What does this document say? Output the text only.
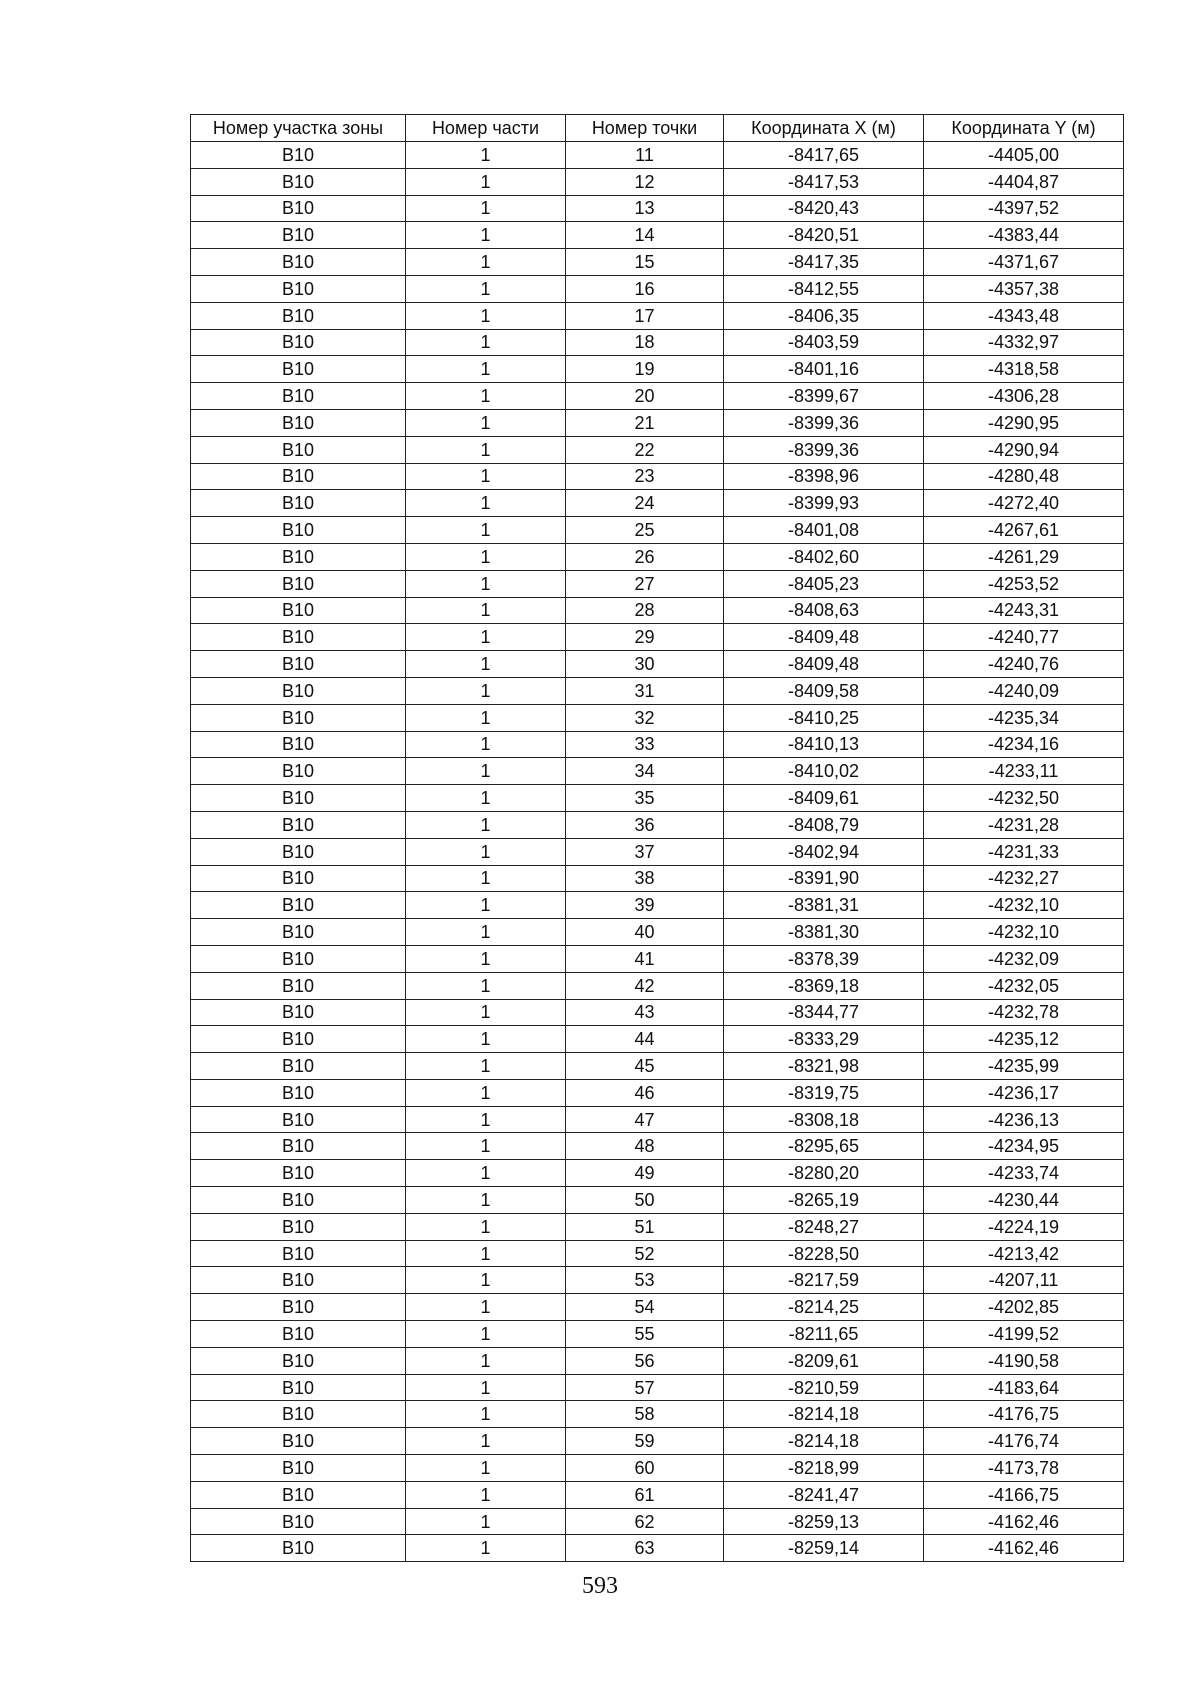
Номер участка зоны	Номер части	Номер точки	Координата X (м)	Координата Y (м)
B10	1	11	-8417,65	-4405,00
B10	1	12	-8417,53	-4404,87
B10	1	13	-8420,43	-4397,52
B10	1	14	-8420,51	-4383,44
B10	1	15	-8417,35	-4371,67
B10	1	16	-8412,55	-4357,38
B10	1	17	-8406,35	-4343,48
B10	1	18	-8403,59	-4332,97
B10	1	19	-8401,16	-4318,58
B10	1	20	-8399,67	-4306,28
B10	1	21	-8399,36	-4290,95
B10	1	22	-8399,36	-4290,94
B10	1	23	-8398,96	-4280,48
B10	1	24	-8399,93	-4272,40
B10	1	25	-8401,08	-4267,61
B10	1	26	-8402,60	-4261,29
B10	1	27	-8405,23	-4253,52
B10	1	28	-8408,63	-4243,31
B10	1	29	-8409,48	-4240,77
B10	1	30	-8409,48	-4240,76
B10	1	31	-8409,58	-4240,09
B10	1	32	-8410,25	-4235,34
B10	1	33	-8410,13	-4234,16
B10	1	34	-8410,02	-4233,11
B10	1	35	-8409,61	-4232,50
B10	1	36	-8408,79	-4231,28
B10	1	37	-8402,94	-4231,33
B10	1	38	-8391,90	-4232,27
B10	1	39	-8381,31	-4232,10
B10	1	40	-8381,30	-4232,10
B10	1	41	-8378,39	-4232,09
B10	1	42	-8369,18	-4232,05
B10	1	43	-8344,77	-4232,78
B10	1	44	-8333,29	-4235,12
B10	1	45	-8321,98	-4235,99
B10	1	46	-8319,75	-4236,17
B10	1	47	-8308,18	-4236,13
B10	1	48	-8295,65	-4234,95
B10	1	49	-8280,20	-4233,74
B10	1	50	-8265,19	-4230,44
B10	1	51	-8248,27	-4224,19
B10	1	52	-8228,50	-4213,42
B10	1	53	-8217,59	-4207,11
B10	1	54	-8214,25	-4202,85
B10	1	55	-8211,65	-4199,52
B10	1	56	-8209,61	-4190,58
B10	1	57	-8210,59	-4183,64
B10	1	58	-8214,18	-4176,75
B10	1	59	-8214,18	-4176,74
B10	1	60	-8218,99	-4173,78
B10	1	61	-8241,47	-4166,75
B10	1	62	-8259,13	-4162,46
B10	1	63	-8259,14	-4162,46
593
